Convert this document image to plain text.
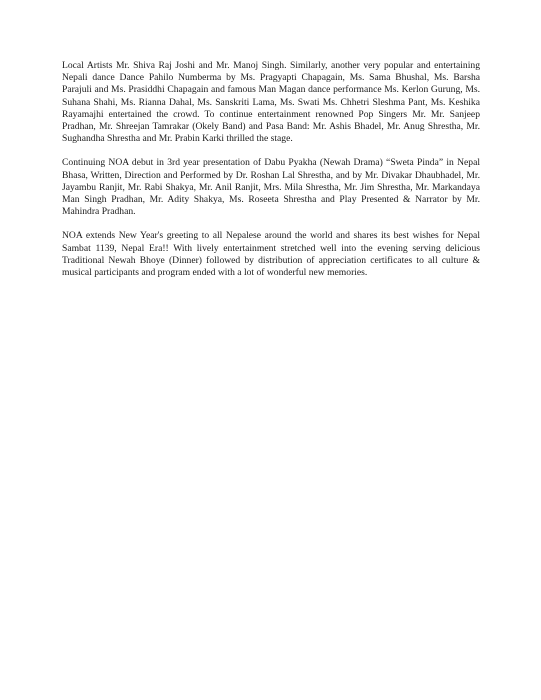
Local Artists Mr. Shiva Raj Joshi and Mr. Manoj Singh. Similarly, another very popular and entertaining Nepali dance Dance Pahilo Numberma by Ms. Pragyapti Chapagain, Ms. Sama Bhushal, Ms. Barsha Parajuli and Ms. Prasiddhi Chapagain and famous Man Magan dance performance Ms. Kerlon Gurung, Ms. Suhana Shahi, Ms. Rianna Dahal, Ms. Sanskriti Lama, Ms. Swati Ms. Chhetri Sleshma Pant, Ms. Keshika Rayamajhi entertained the crowd. To continue entertainment renowned Pop Singers Mr. Mr. Sanjeep Pradhan, Mr. Shreejan Tamrakar (Okely Band) and Pasa Band: Mr. Ashis Bhadel, Mr. Anug Shrestha, Mr. Sughandha Shrestha and Mr. Prabin Karki thrilled the stage.

Continuing NOA debut in 3rd year presentation of Dabu Pyakha (Newah Drama) “Sweta Pinda” in Nepal Bhasa, Written, Direction and Performed by Dr. Roshan Lal Shrestha, and by Mr. Divakar Dhaubhadel, Mr. Jayambu Ranjit, Mr. Rabi Shakya, Mr. Anil Ranjit, Mrs. Mila Shrestha, Mr. Jim Shrestha, Mr. Markandaya Man Singh Pradhan, Mr. Adity Shakya, Ms. Roseeta Shrestha and Play Presented & Narrator by Mr. Mahindra Pradhan.

NOA extends New Year's greeting to all Nepalese around the world and shares its best wishes for Nepal Sambat 1139, Nepal Era!! With lively entertainment stretched well into the evening serving delicious Traditional Newah Bhoye (Dinner) followed by distribution of appreciation certificates to all culture & musical participants and program ended with a lot of wonderful new memories.
